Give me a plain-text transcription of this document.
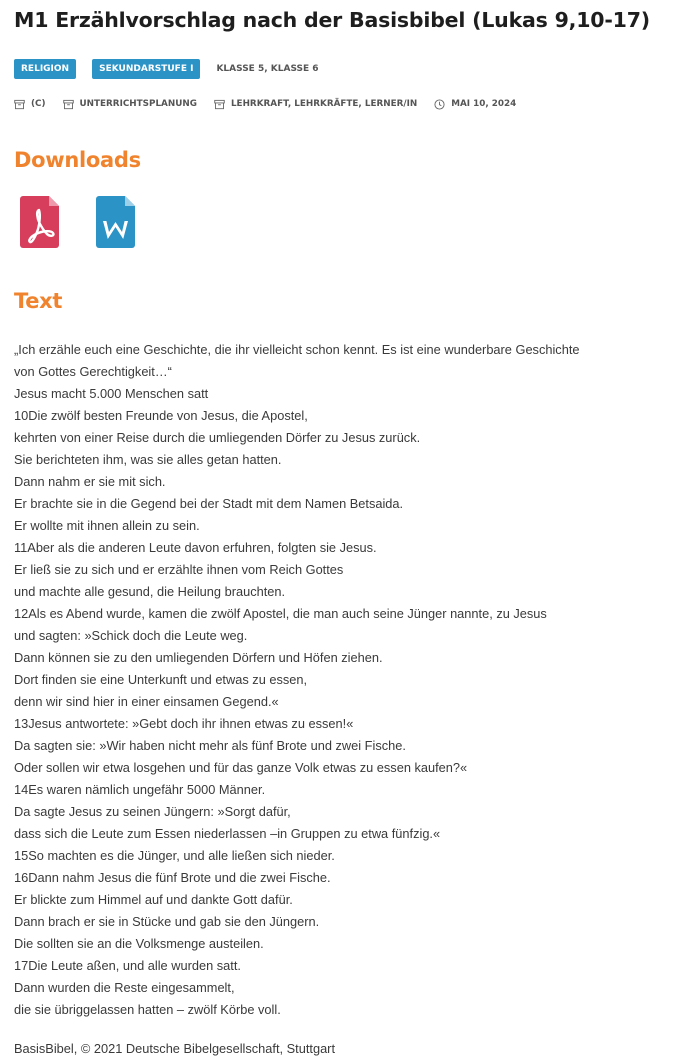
M1 Erzählvorschlag nach der Basisbibel (Lukas 9,10-17)
RELIGION	SEKUNDARSTUFE I	KLASSE 5, KLASSE 6
(C)	UNTERRICHTSPLANUNG	LEHRKRAFT, LEHRKRÄFTE, LERNER/IN	MAI 10, 2024
Downloads
Text
„Ich erzähle euch eine Geschichte, die ihr vielleicht schon kennt. Es ist eine wunderbare Geschichte
von Gottes Gerechtigkeit…“
Jesus macht 5.000 Menschen satt
10Die zwölf besten Freunde von Jesus, die Apostel,
kehrten von einer Reise durch die umliegenden Dörfer zu Jesus zurück.
Sie berichteten ihm, was sie alles getan hatten.
Dann nahm er sie mit sich.
Er brachte sie in die Gegend bei der Stadt mit dem Namen Betsaida.
Er wollte mit ihnen allein zu sein.
11Aber als die anderen Leute davon erfuhren, folgten sie Jesus.
Er ließ sie zu sich und er erzählte ihnen vom Reich Gottes
und machte alle gesund, die Heilung brauchten.
12Als es Abend wurde, kamen die zwölf Apostel, die man auch seine Jünger nannte, zu Jesus
und sagten: »Schick doch die Leute weg.
Dann können sie zu den umliegenden Dörfern und Höfen ziehen.
Dort finden sie eine Unterkunft und etwas zu essen,
denn wir sind hier in einer einsamen Gegend.«
13Jesus antwortete: »Gebt doch ihr ihnen etwas zu essen!«
Da sagten sie: »Wir haben nicht mehr als fünf Brote und zwei Fische.
Oder sollen wir etwa losgehen und für das ganze Volk etwas zu essen kaufen?«
14Es waren nämlich ungefähr 5000 Männer.
Da sagte Jesus zu seinen Jüngern: »Sorgt dafür,
dass sich die Leute zum Essen niederlassen –in Gruppen zu etwa fünfzig.«
15So machten es die Jünger, und alle ließen sich nieder.
16Dann nahm Jesus die fünf Brote und die zwei Fische.
Er blickte zum Himmel auf und dankte Gott dafür.
Dann brach er sie in Stücke und gab sie den Jüngern.
Die sollten sie an die Volksmenge austeilen.
17Die Leute aßen, und alle wurden satt.
Dann wurden die Reste eingesammelt,
die sie übriggelassen hatten – zwölf Körbe voll.
BasisBibel, © 2021 Deutsche Bibelgesellschaft, Stuttgart
